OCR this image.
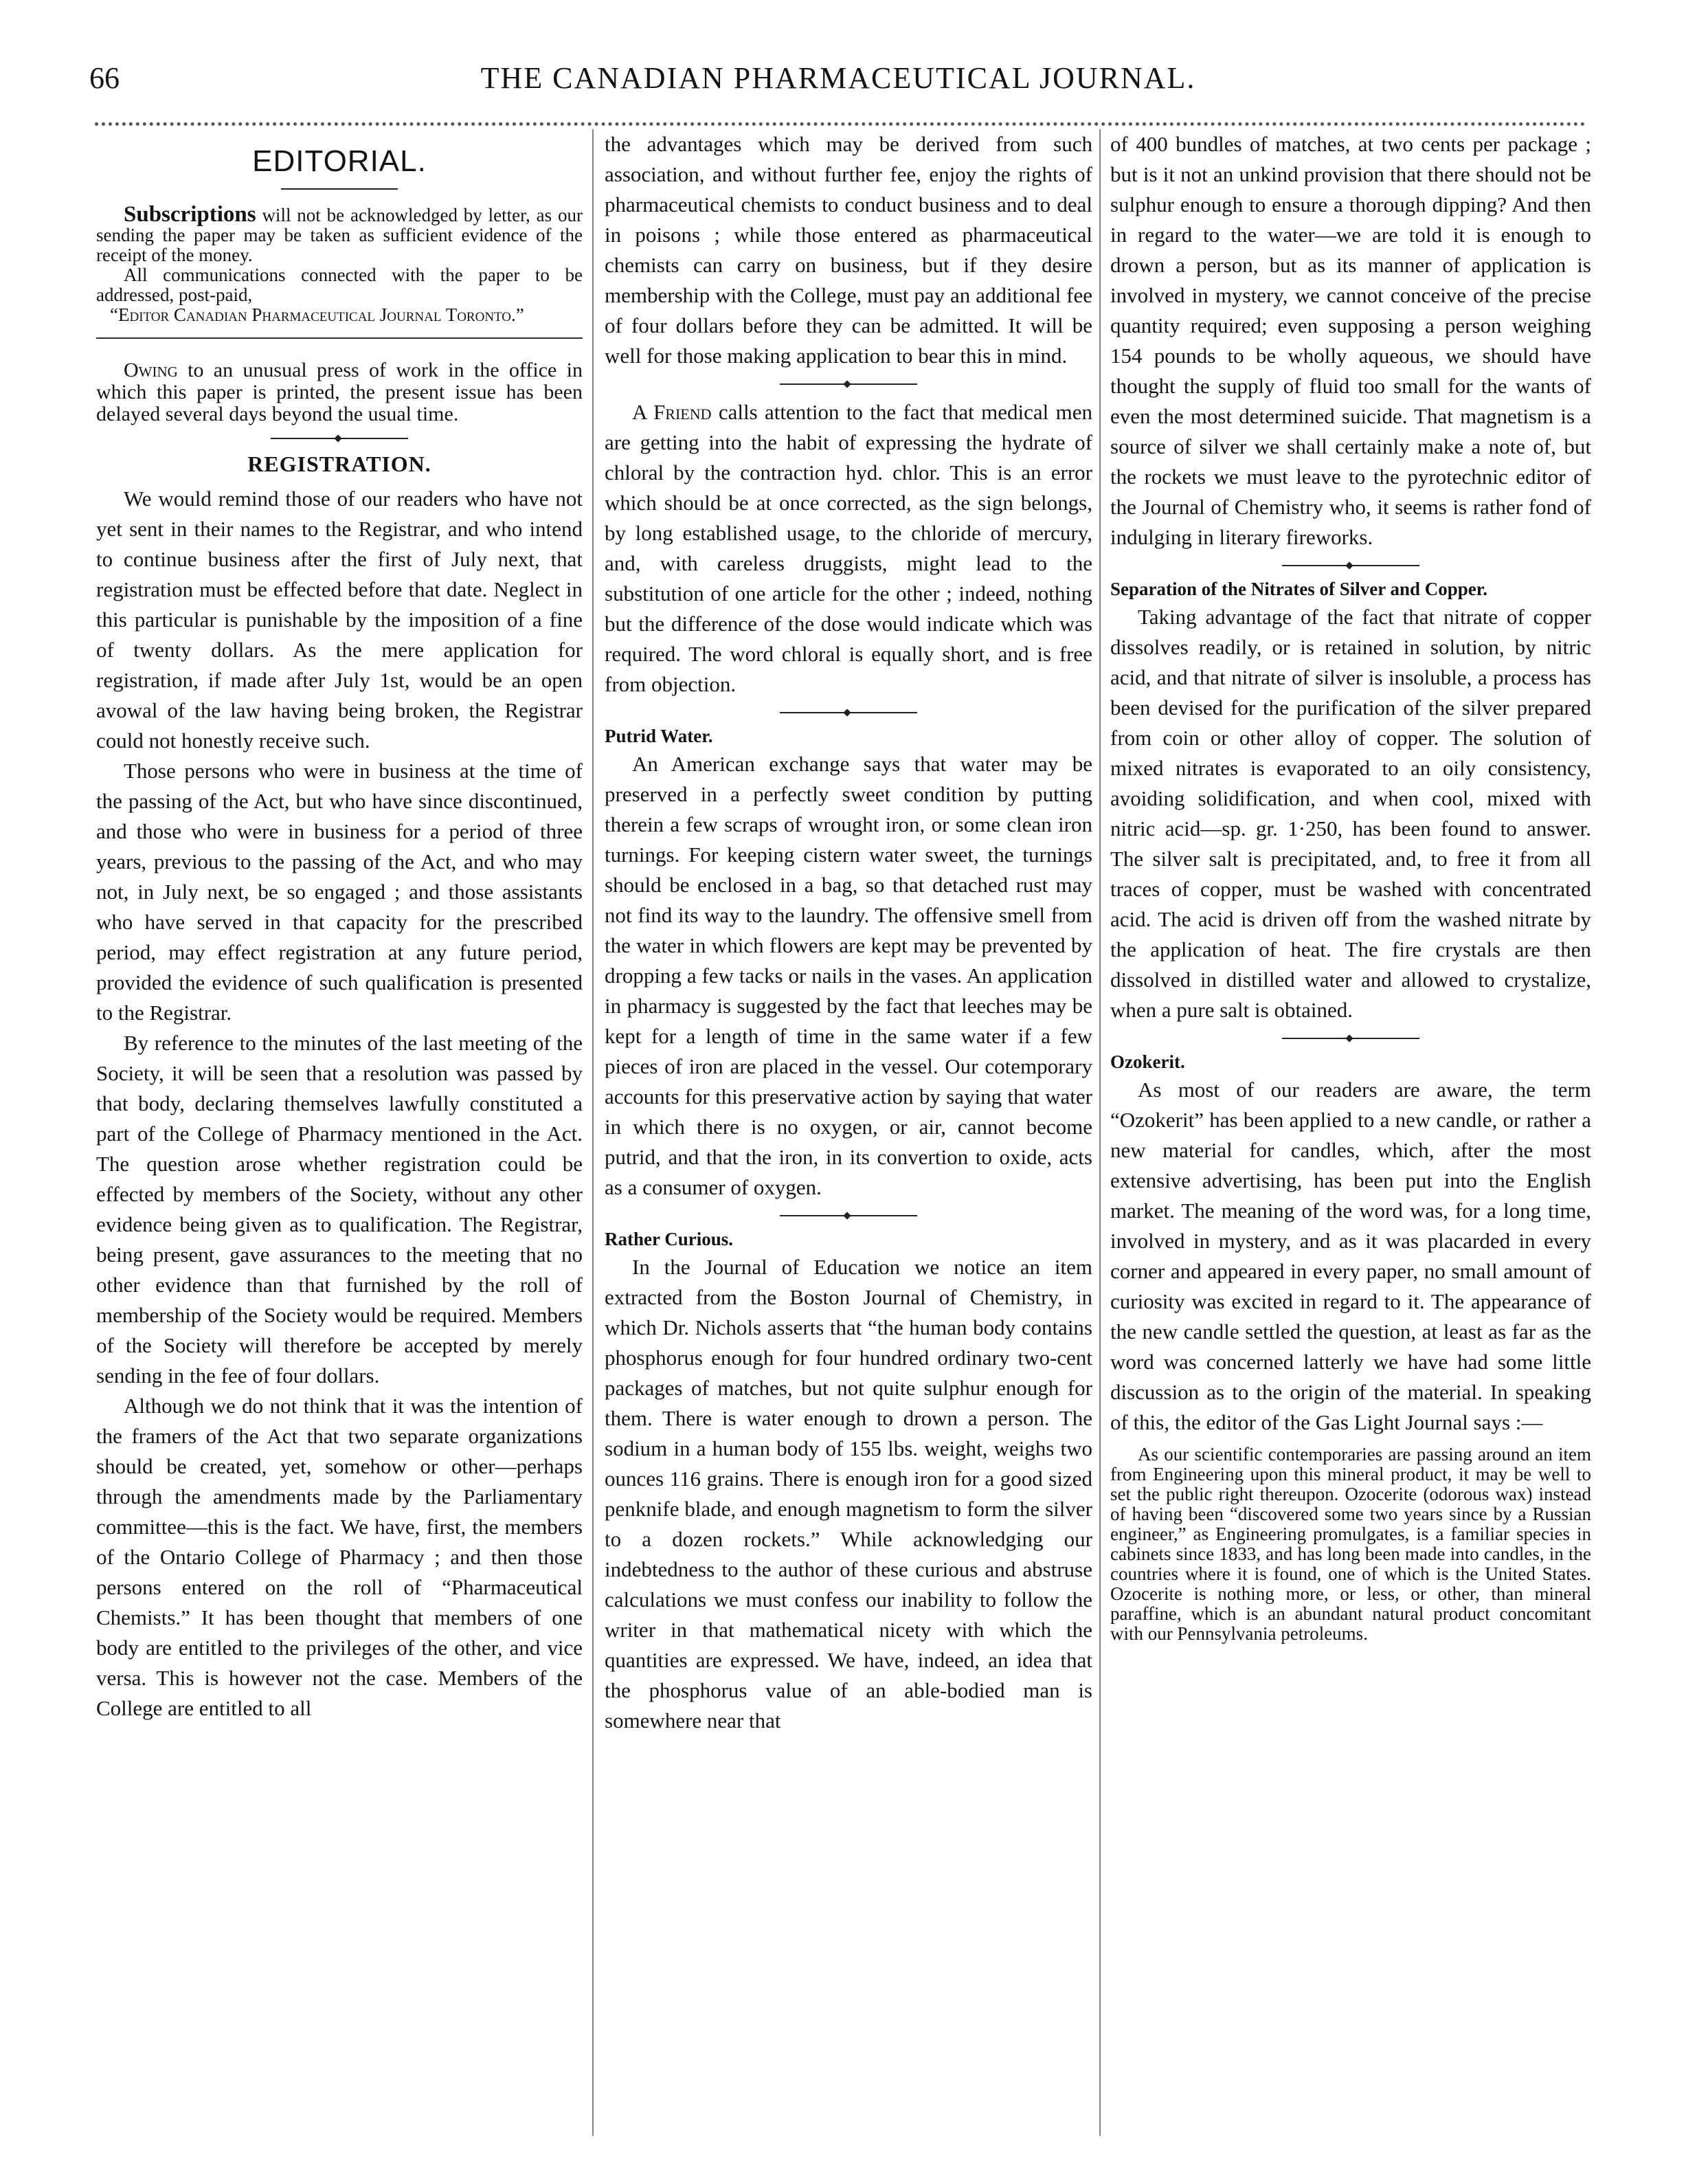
66	THE CANADIAN PHARMACEUTICAL JOURNAL.
EDITORIAL.

Subscriptions will not be acknowledged by letter, as our sending the paper may be taken as sufficient evidence of the receipt of the money.

All communications connected with the paper to be addressed, post-paid,

“Editor Canadian Pharmaceutical Journal Toronto.”

Owing to an unusual press of work in the office in which this paper is printed, the present issue has been delayed several days beyond the usual time.

REGISTRATION.

We would remind those of our readers who have not yet sent in their names to the Registrar, and who intend to continue business after the first of July next, that registration must be effected before that date. Neglect in this particular is punishable by the imposition of a fine of twenty dollars. As the mere application for registration, if made after July 1st, would be an open avowal of the law having being broken, the Registrar could not honestly receive such.

Those persons who were in business at the time of the passing of the Act, but who have since discontinued, and those who were in business for a period of three years, previous to the passing of the Act, and who may not, in July next, be so engaged ; and those assistants who have served in that capacity for the prescribed period, may effect registration at any future period, provided the evidence of such qualification is presented to the Registrar.

By reference to the minutes of the last meeting of the Society, it will be seen that a resolution was passed by that body, declaring themselves lawfully constituted a part of the College of Pharmacy mentioned in the Act. The question arose whether registration could be effected by members of the Society, without any other evidence being given as to qualification. The Registrar, being present, gave assurances to the meeting that no other evidence than that furnished by the roll of membership of the Society would be required. Members of the Society will therefore be accepted by merely sending in the fee of four dollars.

Although we do not think that it was the intention of the framers of the Act that two separate organizations should be created, yet, somehow or other—perhaps through the amendments made by the Parliamentary committee—this is the fact. We have, first, the members of the Ontario College of Pharmacy ; and then those persons entered on the roll of “Pharmaceutical Chemists.” It has been thought that members of one body are entitled to the privileges of the other, and vice versa. This is however not the case. Members of the College are entitled to all

the advantages which may be derived from such association, and without further fee, enjoy the rights of pharmaceutical chemists to conduct business and to deal in poisons ; while those entered as pharmaceutical chemists can carry on business, but if they desire membership with the College, must pay an additional fee of four dollars before they can be admitted. It will be well for those making application to bear this in mind.

A Friend calls attention to the fact that medical men are getting into the habit of expressing the hydrate of chloral by the contraction hyd. chlor. This is an error which should be at once corrected, as the sign belongs, by long established usage, to the chloride of mercury, and, with careless druggists, might lead to the substitution of one article for the other ; indeed, nothing but the difference of the dose would indicate which was required. The word chloral is equally short, and is free from objection.

Putrid Water.

An American exchange says that water may be preserved in a perfectly sweet condition by putting therein a few scraps of wrought iron, or some clean iron turnings. For keeping cistern water sweet, the turnings should be enclosed in a bag, so that detached rust may not find its way to the laundry. The offensive smell from the water in which flowers are kept may be prevented by dropping a few tacks or nails in the vases. An application in pharmacy is suggested by the fact that leeches may be kept for a length of time in the same water if a few pieces of iron are placed in the vessel. Our cotemporary accounts for this preservative action by saying that water in which there is no oxygen, or air, cannot become putrid, and that the iron, in its convertion to oxide, acts as a consumer of oxygen.

Rather Curious.

In the Journal of Education we notice an item extracted from the Boston Journal of Chemistry, in which Dr. Nichols asserts that “the human body contains phosphorus enough for four hundred ordinary two-cent packages of matches, but not quite sulphur enough for them. There is water enough to drown a person. The sodium in a human body of 155 lbs. weight, weighs two ounces 116 grains. There is enough iron for a good sized penknife blade, and enough magnetism to form the silver to a dozen rockets.” While acknowledging our indebtedness to the author of these curious and abstruse calculations we must confess our inability to follow the writer in that mathematical nicety with which the quantities are expressed. We have, indeed, an idea that the phosphorus value of an able-bodied man is somewhere near that

of 400 bundles of matches, at two cents per package ; but is it not an unkind provision that there should not be sulphur enough to ensure a thorough dipping? And then in regard to the water—we are told it is enough to drown a person, but as its manner of application is involved in mystery, we cannot conceive of the precise quantity required; even supposing a person weighing 154 pounds to be wholly aqueous, we should have thought the supply of fluid too small for the wants of even the most determined suicide. That magnetism is a source of silver we shall certainly make a note of, but the rockets we must leave to the pyrotechnic editor of the Journal of Chemistry who, it seems is rather fond of indulging in literary fireworks.

Separation of the Nitrates of Silver and Copper.

Taking advantage of the fact that nitrate of copper dissolves readily, or is retained in solution, by nitric acid, and that nitrate of silver is insoluble, a process has been devised for the purification of the silver prepared from coin or other alloy of copper. The solution of mixed nitrates is evaporated to an oily consistency, avoiding solidification, and when cool, mixed with nitric acid—sp. gr. 1·250, has been found to answer. The silver salt is precipitated, and, to free it from all traces of copper, must be washed with concentrated acid. The acid is driven off from the washed nitrate by the application of heat. The fire crystals are then dissolved in distilled water and allowed to crystalize, when a pure salt is obtained.

Ozokerit.

As most of our readers are aware, the term “Ozokerit” has been applied to a new candle, or rather a new material for candles, which, after the most extensive advertising, has been put into the English market. The meaning of the word was, for a long time, involved in mystery, and as it was placarded in every corner and appeared in every paper, no small amount of curiosity was excited in regard to it. The appearance of the new candle settled the question, at least as far as the word was concerned latterly we have had some little discussion as to the origin of the material. In speaking of this, the editor of the Gas Light Journal says :—

As our scientific contemporaries are passing around an item from Engineering upon this mineral product, it may be well to set the public right thereupon. Ozocerite (odorous wax) instead of having been “discovered some two years since by a Russian engineer,” as Engineering promulgates, is a familiar species in cabinets since 1833, and has long been made into candles, in the countries where it is found, one of which is the United States. Ozocerite is nothing more, or less, or other, than mineral paraffine, which is an abundant natural product concomitant with our Pennsylvania petroleums.
